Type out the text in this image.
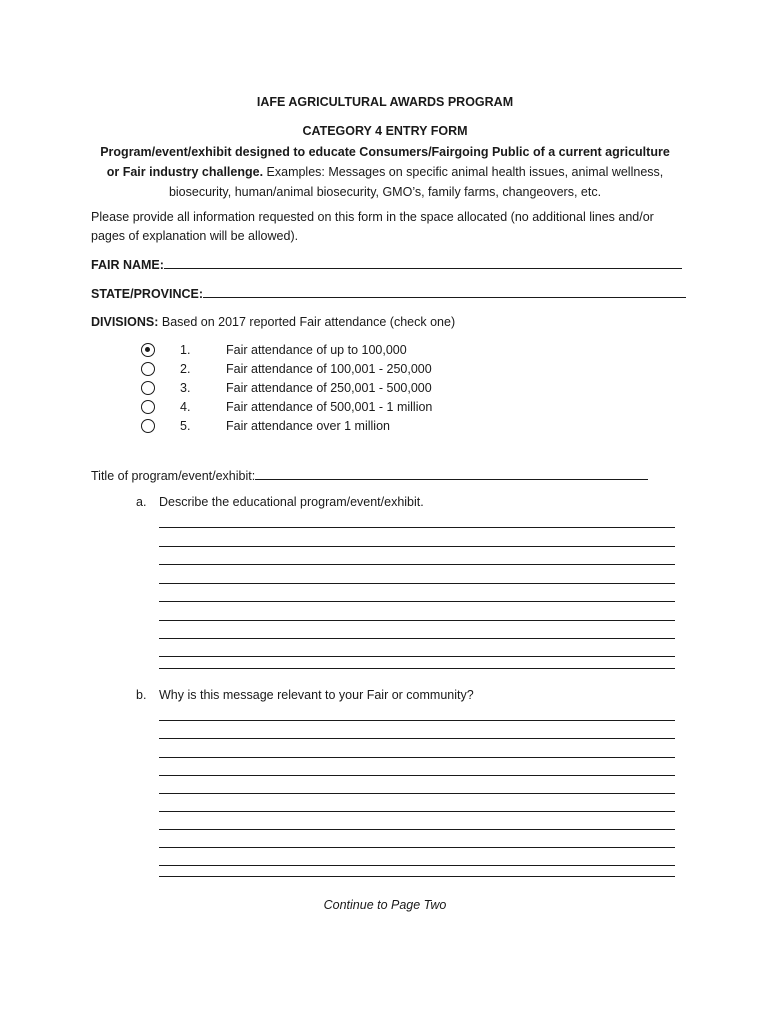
IAFE AGRICULTURAL AWARDS PROGRAM

CATEGORY 4 ENTRY FORM

Program/event/exhibit designed to educate Consumers/Fairgoing Public of a current agriculture or Fair industry challenge. Examples: Messages on specific animal health issues, animal wellness, biosecurity, human/animal biosecurity, GMO’s, family farms, changeovers, etc.

Please provide all information requested on this form in the space allocated (no additional lines and/or pages of explanation will be allowed).

FAIR NAME:
STATE/PROVINCE:
DIVISIONS: Based on 2017 reported Fair attendance (check one)
1.	Fair attendance of up to 100,000
2.	Fair attendance of 100,001 - 250,000
3.	Fair attendance of 250,001 - 500,000
4.	Fair attendance of 500,001 - 1 million
5.	Fair attendance over 1 million
Title of program/event/exhibit:
a. Describe the educational program/event/exhibit.
b. Why is this message relevant to your Fair or community?

Continue to Page Two
